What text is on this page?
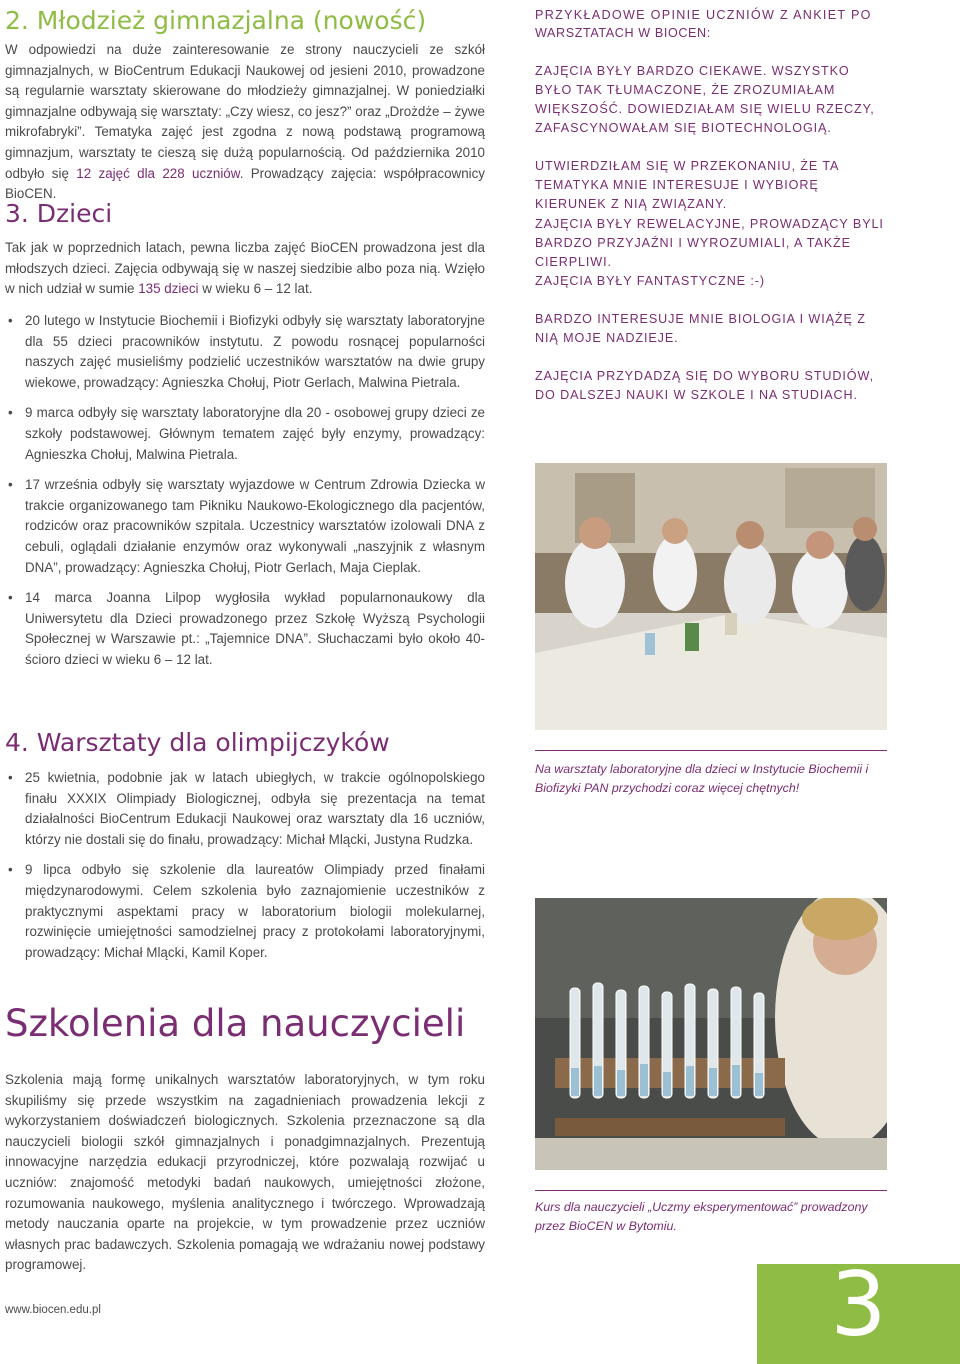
2. Młodzież gimnazjalna (nowość)

W odpowiedzi na duże zainteresowanie ze strony nauczycieli ze szkół gimnazjalnych, w BioCentrum Edukacji Naukowej od jesieni 2010, prowadzone są regularnie warsztaty skierowane do młodzieży gimnazjalnej. W poniedziałki gimnazjalne odbywają się warsztaty: „Czy wiesz, co jesz?” oraz „Drożdże – żywe mikrofabryki”. Tematyka zajęć jest zgodna z nową podstawą programową gimnazjum, warsztaty te cieszą się dużą popularnością. Od października 2010 odbyło się 12 zajęć dla 228 uczniów. Prowadzący zajęcia: współpracownicy BioCEN.

3. Dzieci

Tak jak w poprzednich latach, pewna liczba zajęć BioCEN prowadzona jest dla młodszych dzieci. Zajęcia odbywają się w naszej siedzibie albo poza nią. Wzięło w nich udział w sumie 135 dzieci w wieku 6 – 12 lat.

• 20 lutego w Instytucie Biochemii i Biofizyki odbyły się warsztaty laboratoryjne dla 55 dzieci pracowników instytutu. Z powodu rosnącej popularności naszych zajęć musieliśmy podzielić uczestników warsztatów na dwie grupy wiekowe, prowadzący: Agnieszka Chołuj, Piotr Gerlach, Malwina Pietrala.
• 9 marca odbyły się warsztaty laboratoryjne dla 20 - osobowej grupy dzieci ze szkoły podstawowej. Głównym tematem zajęć były enzymy, prowadzący: Agnieszka Chołuj, Malwina Pietrala.
• 17 września odbyły się warsztaty wyjazdowe w Centrum Zdrowia Dziecka w trakcie organizowanego tam Pikniku Naukowo-Ekologicznego dla pacjentów, rodziców oraz pracowników szpitala. Uczestnicy warsztatów izolowali DNA z cebuli, oglądali działanie enzymów oraz wykonywali „naszyjnik z własnym DNA”, prowadzący: Agnieszka Chołuj, Piotr Gerlach, Maja Cieplak.
• 14 marca Joanna Lilpop wygłosiła wykład popularnonaukowy dla Uniwersytetu dla Dzieci prowadzonego przez Szkołę Wyższą Psychologii Społecznej w Warszawie pt.: „Tajemnice DNA”. Słuchaczami było około 40-ścioro dzieci w wieku 6 – 12 lat.
4. Warsztaty dla olimpijczyków
• 25 kwietnia, podobnie jak w latach ubiegłych, w trakcie ogólnopolskiego finału XXXIX Olimpiady Biologicznej, odbyła się prezentacja na temat działalności BioCentrum Edukacji Naukowej oraz warsztaty dla 16 uczniów, którzy nie dostali się do finału, prowadzący: Michał Mlącki, Justyna Rudzka.
• 9 lipca odbyło się szkolenie dla laureatów Olimpiady przed finałami międzynarodowymi. Celem szkolenia było zaznajomienie uczestników z praktycznymi aspektami pracy w laboratorium biologii molekularnej, rozwinięcie umiejętności samodzielnej pracy z protokołami laboratoryjnymi, prowadzący: Michał Mlącki, Kamil Koper.
Szkolenia dla nauczycieli

Szkolenia mają formę unikalnych warsztatów laboratoryjnych, w tym roku skupiliśmy się przede wszystkim na zagadnieniach prowadzenia lekcji z wykorzystaniem doświadczeń biologicznych. Szkolenia przeznaczone są dla nauczycieli biologii szkół gimnazjalnych i ponadgimnazjalnych. Prezentują innowacyjne narzędzia edukacji przyrodniczej, które pozwalają rozwijać u uczniów: znajomość metodyki badań naukowych, umiejętności złożone, rozumowania naukowego, myślenia analitycznego i twórczego. Wprowadzają metody nauczania oparte na projekcie, w tym prowadzenie przez uczniów własnych prac badawczych. Szkolenia pomagają we wdrażaniu nowej podstawy programowej.

www.biocen.edu.pl
PRZYKŁADOWE OPINIE UCZNIÓW Z ANKIET PO
WARSZTATACH W BIOCEN:

ZAJĘCIA BYŁY BARDZO CIEKAWE. WSZYSTKO BYŁO TAK TŁUMACZONE, ŻE ZROZUMIAŁAM WIĘKSZOŚĆ. DOWIEDZIAŁAM SIĘ WIELU RZECZY, ZAFASCYNOWAŁAM SIĘ BIOTECHNOLOGIĄ.

UTWIERDZIŁAM SIĘ W PRZEKONANIU, ŻE TA TEMATYKA MNIE INTERESUJE I WYBIORĘ KIERUNEK Z NIĄ ZWIĄZANY.

ZAJĘCIA BYŁY REWELACYJNE, PROWADZĄCY BYLI BARDZO PRZYJAŹNI I WYROZUMIALI, A TAKŻE CIERPLIWI.

ZAJĘCIA BYŁY FANTASTYCZNE :-)

BARDZO INTERESUJE MNIE BIOLOGIA I WIĄŻĘ Z NIĄ MOJE NADZIEJE.

ZAJĘCIA PRZYDADZĄ SIĘ DO WYBORU STUDIÓW, DO DALSZEJ NAUKI W SZKOLE I NA STUDIACH.

Na warsztaty laboratoryjne dla dzieci w Instytucie Biochemii i Biofizyki PAN przychodzi coraz więcej chętnych!

Kurs dla nauczycieli „Uczmy eksperymentować” prowadzony przez BioCEN w Bytomiu.

3
